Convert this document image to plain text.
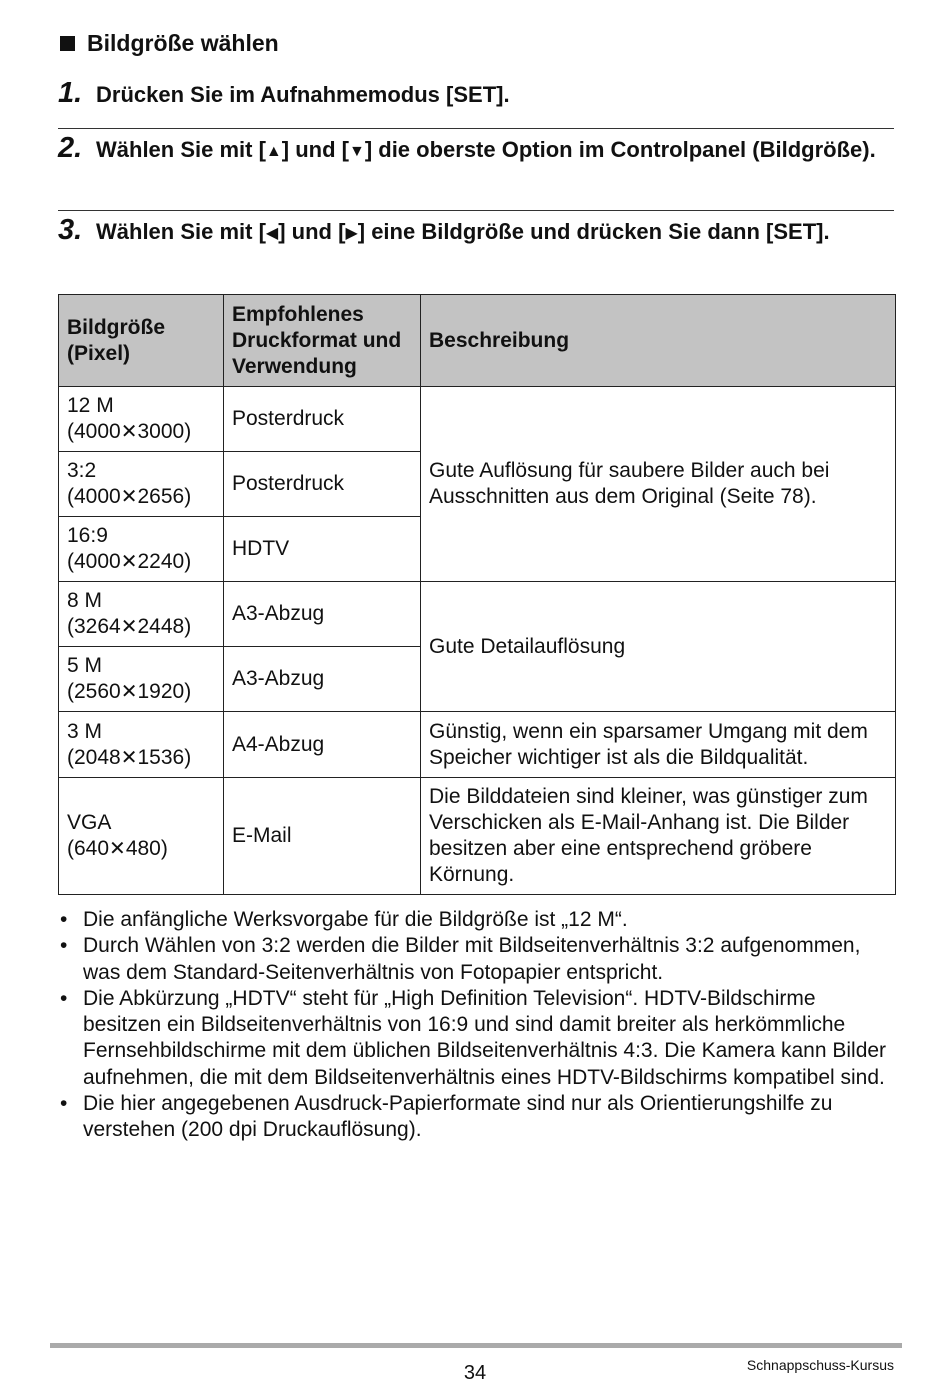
Bildgröße wählen
1. Drücken Sie im Aufnahmemodus [SET].
2. Wählen Sie mit [▲] und [▼] die oberste Option im Controlpanel (Bildgröße).
3. Wählen Sie mit [◀] und [▶] eine Bildgröße und drücken Sie dann [SET].
Bildgröße (Pixel)	Empfohlenes Druckformat und Verwendung	Beschreibung
12 M
(4000✕3000)	Posterdruck	Gute Auflösung für saubere Bilder auch bei Ausschnitten aus dem Original (Seite 78).
3:2
(4000✕2656)	Posterdruck	
16:9
(4000✕2240)	HDTV	
8 M
(3264✕2448)	A3-Abzug	Gute Detailauflösung
5 M
(2560✕1920)	A3-Abzug	
3 M
(2048✕1536)	A4-Abzug	Günstig, wenn ein sparsamer Umgang mit dem Speicher wichtiger ist als die Bildqualität.
VGA
(640✕480)	E-Mail	Die Bilddateien sind kleiner, was günstiger zum Verschicken als E-Mail-Anhang ist. Die Bilder besitzen aber eine entsprechend gröbere Körnung.
• Die anfängliche Werksvorgabe für die Bildgröße ist „12 M“.
• Durch Wählen von 3:2 werden die Bilder mit Bildseitenverhältnis 3:2 aufgenommen, was dem Standard-Seitenverhältnis von Fotopapier entspricht.
• Die Abkürzung „HDTV“ steht für „High Definition Television“. HDTV-Bildschirme besitzen ein Bildseitenverhältnis von 16:9 und sind damit breiter als herkömmliche Fernsehbildschirme mit dem üblichen Bildseitenverhältnis 4:3. Die Kamera kann Bilder aufnehmen, die mit dem Bildseitenverhältnis eines HDTV-Bildschirms kompatibel sind.
• Die hier angegebenen Ausdruck-Papierformate sind nur als Orientierungshilfe zu verstehen (200 dpi Druckauflösung).
34	Schnappschuss-Kursus
